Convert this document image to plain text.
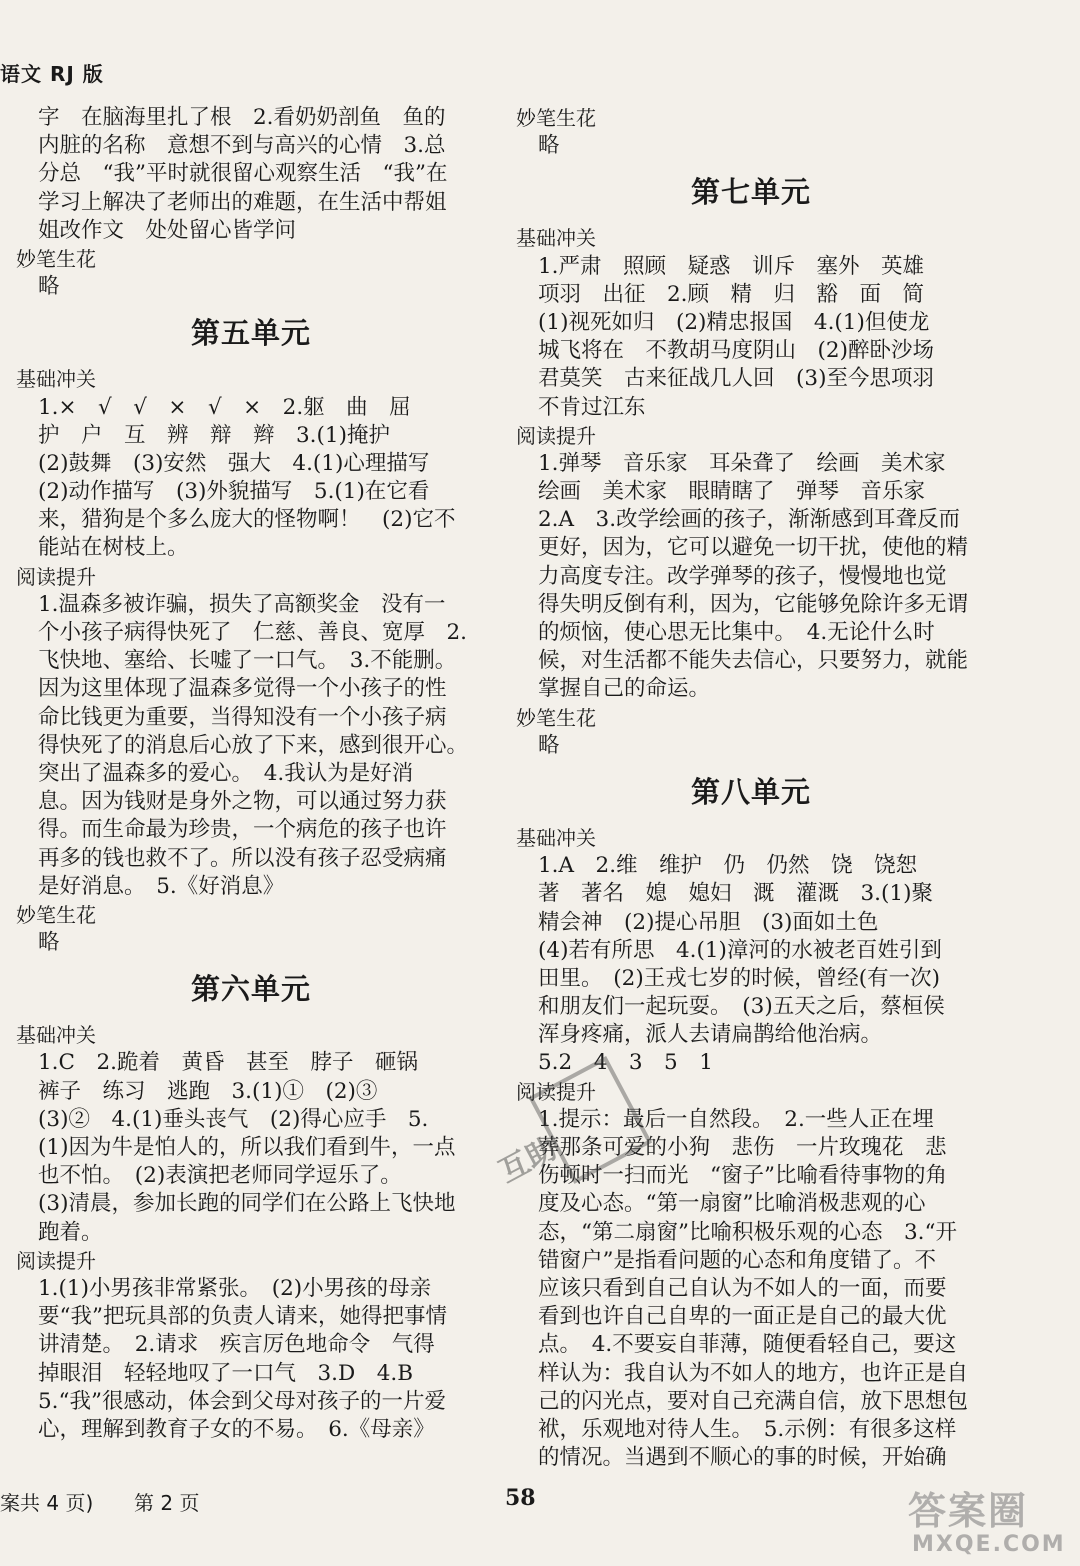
语文 RJ 版
字　在脑海里扎了根　2.看奶奶剖鱼　鱼的
内脏的名称　意想不到与高兴的心情　3.总
分总　“我”平时就很留心观察生活　“我”在
学习上解决了老师出的难题，在生活中帮姐
姐改作文　处处留心皆学问
妙笔生花
略
第五单元
基础冲关
1.×　√　√　×　√　×　2.躯　曲　屈
护　户　互　辨　辩　辫　3.(1)掩护
(2)鼓舞　(3)安然　强大　4.(1)心理描写
(2)动作描写　(3)外貌描写　5.(1)在它看
来，猎狗是个多么庞大的怪物啊！　(2)它不
能站在树枝上。
阅读提升
1.温森多被诈骗，损失了高额奖金　没有一
个小孩子病得快死了　仁慈、善良、宽厚　2.
飞快地、塞给、长嘘了一口气。　3.不能删。
因为这里体现了温森多觉得一个小孩子的性
命比钱更为重要，当得知没有一个小孩子病
得快死了的消息后心放了下来，感到很开心。
突出了温森多的爱心。　4.我认为是好消
息。因为钱财是身外之物，可以通过努力获
得。而生命最为珍贵，一个病危的孩子也许
再多的钱也救不了。所以没有孩子忍受病痛
是好消息。　5.《好消息》
妙笔生花
略
第六单元
基础冲关
1.C　2.跪着　黄昏　甚至　脖子　砸锅
裤子　练习　逃跑　3.(1)①　(2)③
(3)②　4.(1)垂头丧气　(2)得心应手　5.
(1)因为牛是怕人的，所以我们看到牛，一点
也不怕。　(2)表演把老师同学逗乐了。
(3)清晨，参加长跑的同学们在公路上飞快地
跑着。
阅读提升
1.(1)小男孩非常紧张。　(2)小男孩的母亲
要“我”把玩具部的负责人请来，她得把事情
讲清楚。　2.请求　疾言厉色地命令　气得
掉眼泪　轻轻地叹了一口气　3.D　4.B
5.“我”很感动，体会到父母对孩子的一片爱
心，理解到教育子女的不易。　6.《母亲》
妙笔生花
略
第七单元
基础冲关
1.严肃　照顾　疑惑　训斥　塞外　英雄
项羽　出征　2.顾　精　归　豁　面　简
(1)视死如归　(2)精忠报国　4.(1)但使龙
城飞将在　不教胡马度阴山　(2)醉卧沙场
君莫笑　古来征战几人回　(3)至今思项羽
不肯过江东
阅读提升
1.弹琴　音乐家　耳朵聋了　绘画　美术家
绘画　美术家　眼睛瞎了　弹琴　音乐家
2.A　3.改学绘画的孩子，渐渐感到耳聋反而
更好，因为，它可以避免一切干扰，使他的精
力高度专注。改学弹琴的孩子，慢慢地也觉
得失明反倒有利，因为，它能够免除许多无谓
的烦恼，使心思无比集中。　4.无论什么时
候，对生活都不能失去信心，只要努力，就能
掌握自己的命运。
妙笔生花
略
第八单元
基础冲关
1.A　2.维　维护　仍　仍然　饶　饶恕
著　著名　媳　媳妇　溉　灌溉　3.(1)聚
精会神　(2)提心吊胆　(3)面如土色
(4)若有所思　4.(1)漳河的水被老百姓引到
田里。　(2)王戎七岁的时候，曾经(有一次)
和朋友们一起玩耍。　(3)五天之后，蔡桓侯
浑身疼痛，派人去请扁鹊给他治病。
5.2　4　3　5　1
阅读提升
1.提示：最后一自然段。　2.一些人正在埋
葬那条可爱的小狗　悲伤　一片玫瑰花　悲
伤顿时一扫而光　“窗子”比喻看待事物的角
度及心态。“第一扇窗”比喻消极悲观的心
态，“第二扇窗”比喻积极乐观的心态　3.“开
错窗户”是指看问题的心态和角度错了。不
应该只看到自己自认为不如人的一面，而要
看到也许自己自卑的一面正是自己的最大优
点。　4.不要妄自菲薄，随便看轻自己，要这
样认为：我自认为不如人的地方，也许正是自
己的闪光点，要对自己充满自信，放下思想包
袱，乐观地对待人生。　5.示例：有很多这样
的情况。当遇到不顺心的事的时候，开始确
互助
案共 4 页) 第 2 页	58	答案圈
MXQE.COM
